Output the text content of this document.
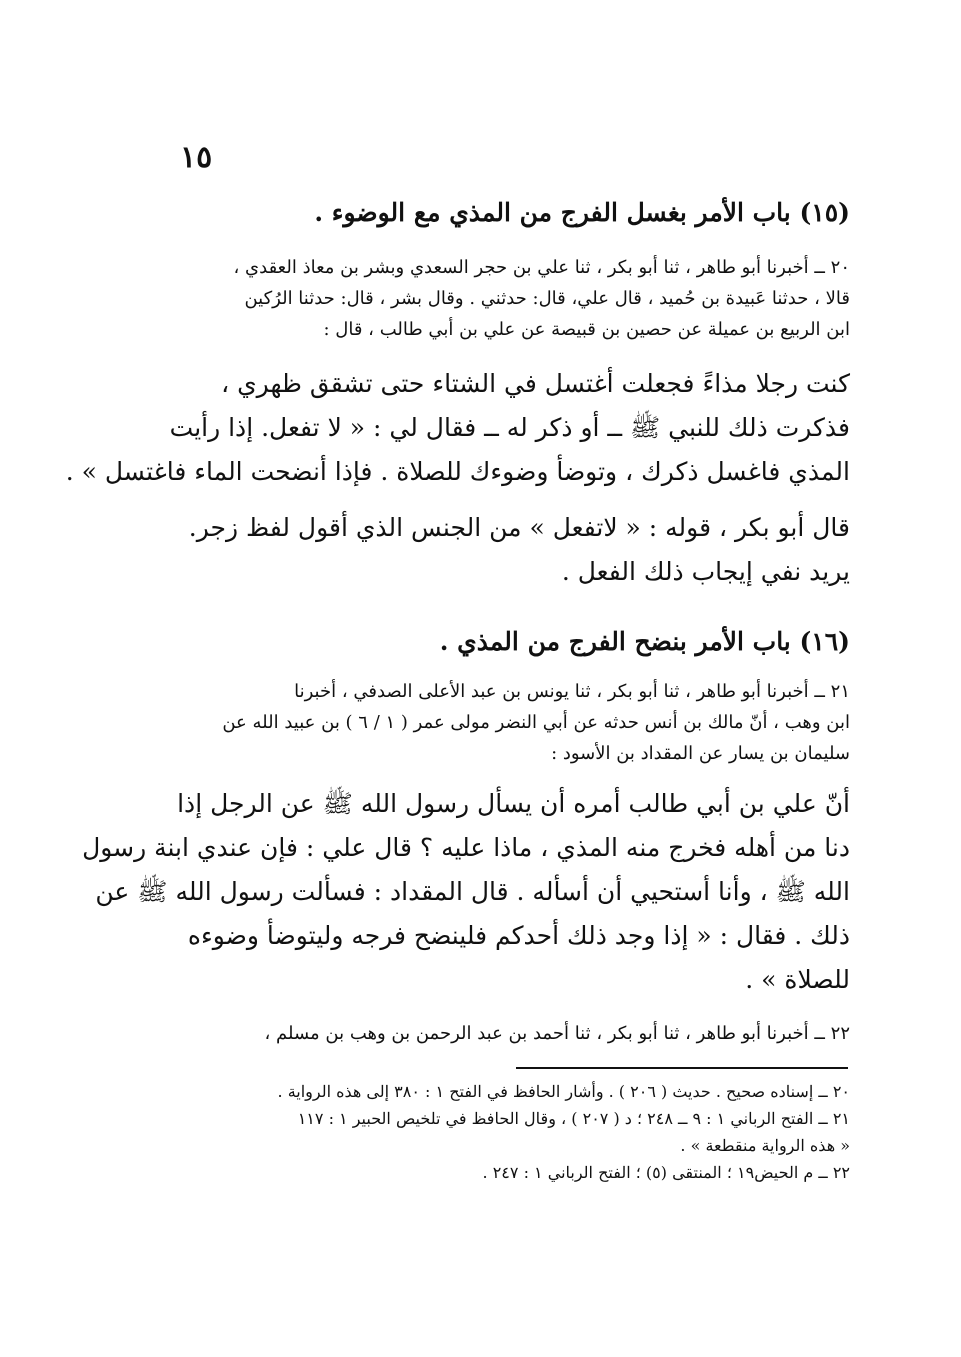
١٥
(١٥) باب الأمر بغسل الفرج من المذي مع الوضوء .
٢٠ ــ أخبرنا أبو طاهر ، ثنا أبو بكر ، ثنا علي بن حجر السعدي وبشر بن معاذ العقدي ،
قالا ، حدثنا عَبيدة بن حُميد ، قال علي، قال: حدثني . وقال بشر ، قال: حدثنا الرُكين
ابن الربيع بن عميلة عن حصين بن قبيصة عن علي بن أبي طالب ، قال :
كنت رجلا مذاءً فجعلت أغتسل في الشتاء حتى تشقق ظهري ،
فذكرت ذلك للنبي ﷺ ــ أو ذكر له ــ فقال لي : « لا تفعل. إذا رأيت
المذي فاغسل ذكرك ، وتوضأ وضوءك للصلاة . فإذا أنضحت الماء فاغتسل » .
قال أبو بكر ، قوله : « لاتفعل » من الجنس الذي أقول لفظ زجر.
يريد نفي إيجاب ذلك الفعل .
(١٦) باب الأمر بنضح الفرج من المذي .
٢١ ــ أخبرنا أبو طاهر ، ثنا أبو بكر ، ثنا يونس بن عبد الأعلى الصدفي ، أخبرنا
ابن وهب ، أنّ مالك بن أنس حدثه عن أبي النضر مولى عمر ( ١ / ٦ ) بن عبيد الله عن
سليمان بن يسار عن المقداد بن الأسود :
أنّ علي بن أبي طالب أمره أن يسأل رسول الله ﷺ عن الرجل إذا
دنا من أهله فخرج منه المذي ، ماذا عليه ؟ قال علي : فإن عندي ابنة رسول
الله ﷺ ، وأنا أستحيي أن أسأله . قال المقداد : فسألت رسول الله ﷺ عن
ذلك . فقال : « إذا وجد ذلك أحدكم فلينضح فرجه وليتوضأ وضوءه
للصلاة » .
٢٢ ــ أخبرنا أبو طاهر ، ثنا أبو بكر ، ثنا أحمد بن عبد الرحمن بن وهب بن مسلم ،
٢٠ ــ إسناده صحيح . حديث ( ٢٠٦ ) . وأشار الحافظ في الفتح ١ : ٣٨٠ إلى هذه الرواية .
٢١ ــ الفتح الرباني ١ : ٩ ــ ٢٤٨ ؛ د ( ٢٠٧ ) ، وقال الحافظ في تلخيص الحبير ١ : ١١٧
« هذه الرواية منقطعة » .
٢٢ ــ م الحيض١٩ ؛ المنتقى (٥) ؛ الفتح الرباني ١ : ٢٤٧ .
